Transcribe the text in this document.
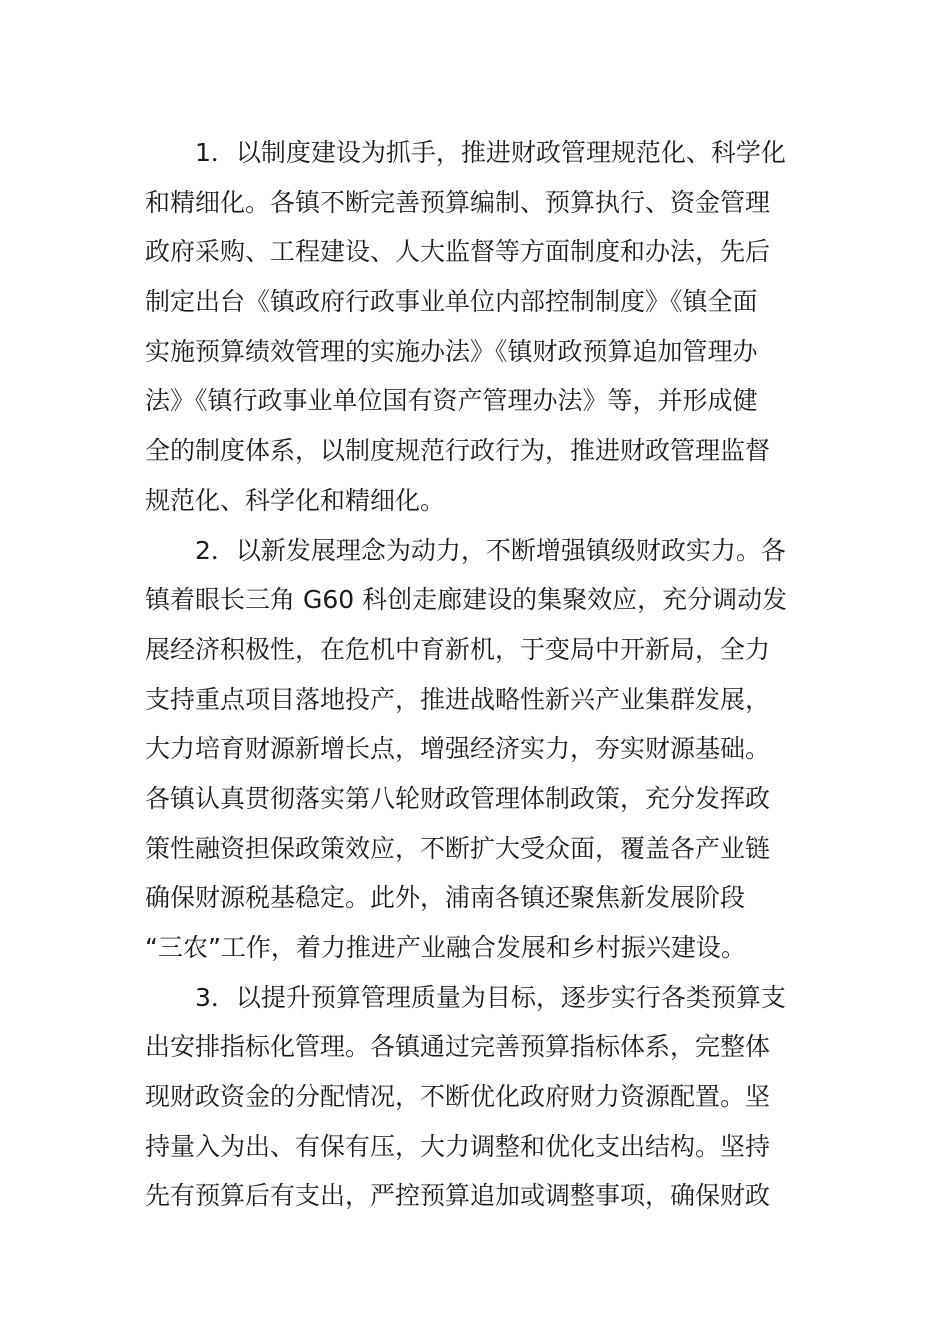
1．以制度建设为抓手，推进财政管理规范化、科学化
和精细化。各镇不断完善预算编制、预算执行、资金管理
政府采购、工程建设、人大监督等方面制度和办法，先后
制定出台《镇政府行政事业单位内部控制制度》《镇全面
实施预算绩效管理的实施办法》《镇财政预算追加管理办
法》《镇行政事业单位国有资产管理办法》等，并形成健
全的制度体系，以制度规范行政行为，推进财政管理监督
规范化、科学化和精细化。
2．以新发展理念为动力，不断增强镇级财政实力。各
镇着眼长三角 G60 科创走廊建设的集聚效应，充分调动发
展经济积极性，在危机中育新机，于变局中开新局，全力
支持重点项目落地投产，推进战略性新兴产业集群发展，
大力培育财源新增长点，增强经济实力，夯实财源基础。
各镇认真贯彻落实第八轮财政管理体制政策，充分发挥政
策性融资担保政策效应，不断扩大受众面，覆盖各产业链
确保财源税基稳定。此外，浦南各镇还聚焦新发展阶段
“三农”工作，着力推进产业融合发展和乡村振兴建设。
3．以提升预算管理质量为目标，逐步实行各类预算支
出安排指标化管理。各镇通过完善预算指标体系，完整体
现财政资金的分配情况，不断优化政府财力资源配置。坚
持量入为出、有保有压，大力调整和优化支出结构。坚持
先有预算后有支出，严控预算追加或调整事项，确保财政
